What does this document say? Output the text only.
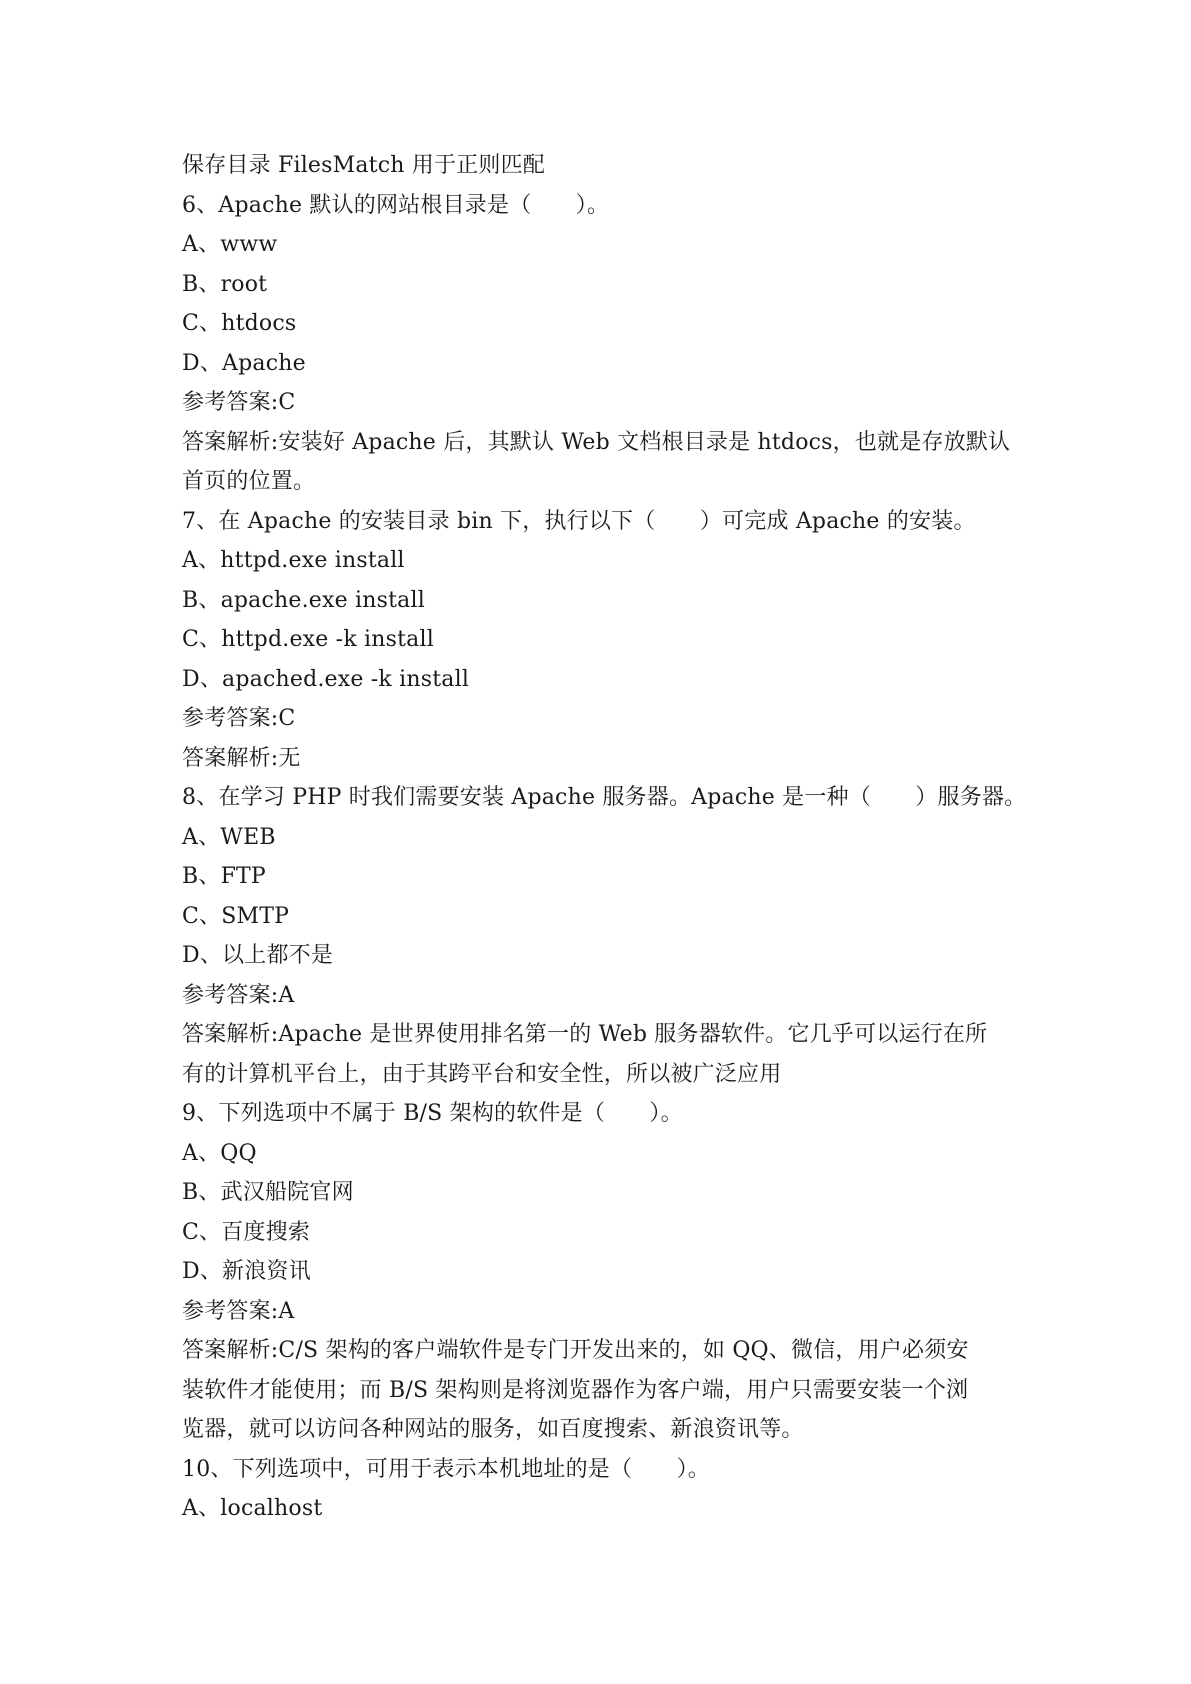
保存目录 FilesMatch 用于正则匹配
6、Apache 默认的网站根目录是（　　）。
A、www
B、root
C、htdocs
D、Apache
参考答案:C
答案解析:安装好 Apache 后，其默认 Web 文档根目录是 htdocs，也就是存放默认
首页的位置。
7、在 Apache 的安装目录 bin 下，执行以下（　　）可完成 Apache 的安装。
A、httpd.exe install
B、apache.exe install
C、httpd.exe -k install
D、apached.exe -k install
参考答案:C
答案解析:无
8、在学习 PHP 时我们需要安装 Apache 服务器。Apache 是一种（　　）服务器。
A、WEB
B、FTP
C、SMTP
D、以上都不是
参考答案:A
答案解析:Apache 是世界使用排名第一的 Web 服务器软件。它几乎可以运行在所
有的计算机平台上，由于其跨平台和安全性，所以被广泛应用
9、下列选项中不属于 B/S 架构的软件是（　　）。
A、QQ
B、武汉船院官网
C、百度搜索
D、新浪资讯
参考答案:A
答案解析:C/S 架构的客户端软件是专门开发出来的，如 QQ、微信，用户必须安
装软件才能使用；而 B/S 架构则是将浏览器作为客户端，用户只需要安装一个浏
览器，就可以访问各种网站的服务，如百度搜索、新浪资讯等。
10、下列选项中，可用于表示本机地址的是（　　）。
A、localhost
